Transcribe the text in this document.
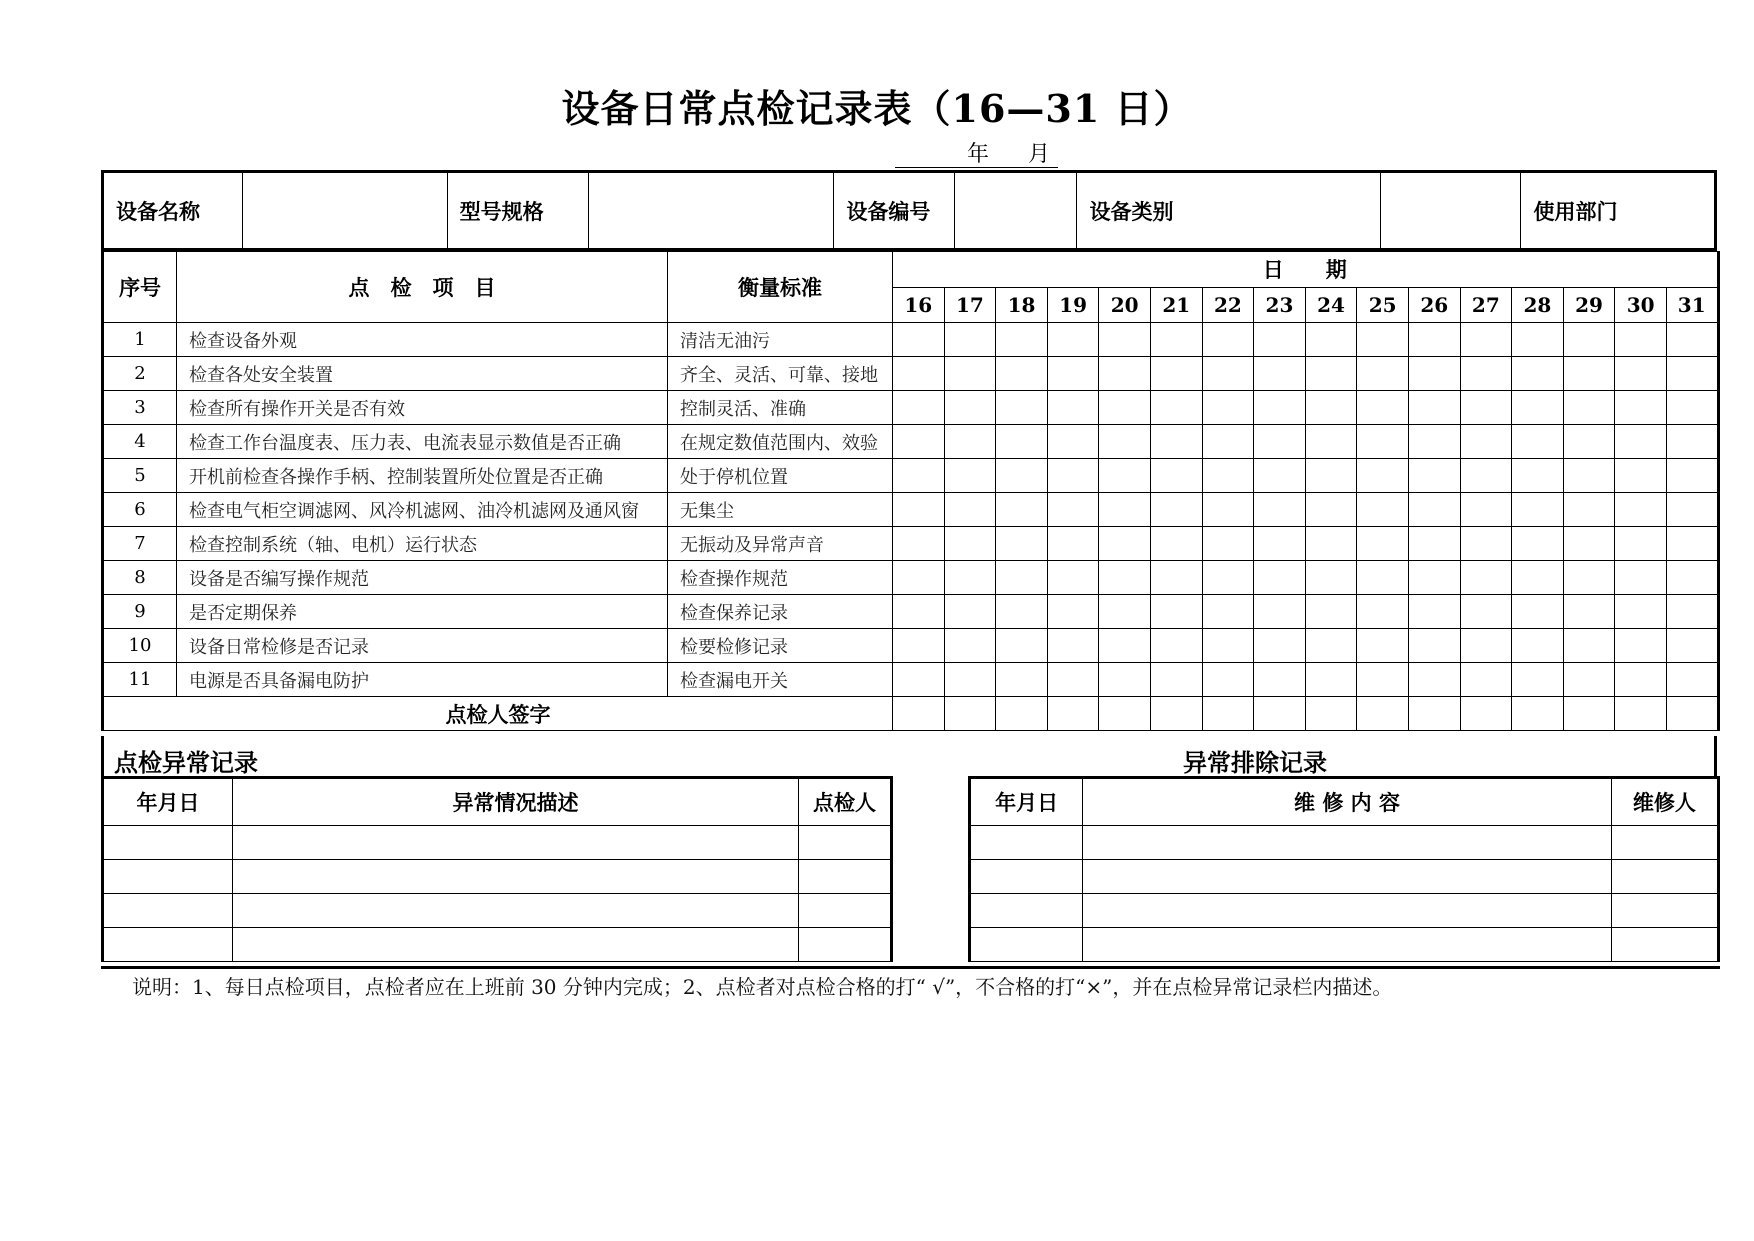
设备日常点检记录表（16—31 日）
年 月
设备名称		型号规格		设备编号		设备类别		使用部门
序号	点　检　项　目	衡量标准	日　　期															
			16	17	18	19	20	21	22	23	24	25	26	27	28	29	30	31
1	检查设备外观	清洁无油污																
2	检查各处安全装置	齐全、灵活、可靠、接地																
3	检查所有操作开关是否有效	控制灵活、准确																
4	检查工作台温度表、压力表、电流表显示数值是否正确	在规定数值范围内、效验																
5	开机前检查各操作手柄、控制装置所处位置是否正确	处于停机位置																
6	检查电气柜空调滤网、风冷机滤网、油冷机滤网及通风窗	无集尘																
7	检查控制系统（轴、电机）运行状态	无振动及异常声音																
8	设备是否编写操作规范	检查操作规范																
9	是否定期保养	检查保养记录																
10	设备日常检修是否记录	检要检修记录																
11	电源是否具备漏电防护	检查漏电开关																
点检人签字																		
点检异常记录	异常排除记录
年月日	异常情况描述	点检人

			年月日	维 修 内 容	维修人

说明：1、每日点检项目，点检者应在上班前 30 分钟内完成；2、点检者对点检合格的打“ √”，不合格的打“×”，并在点检异常记录栏内描述。
